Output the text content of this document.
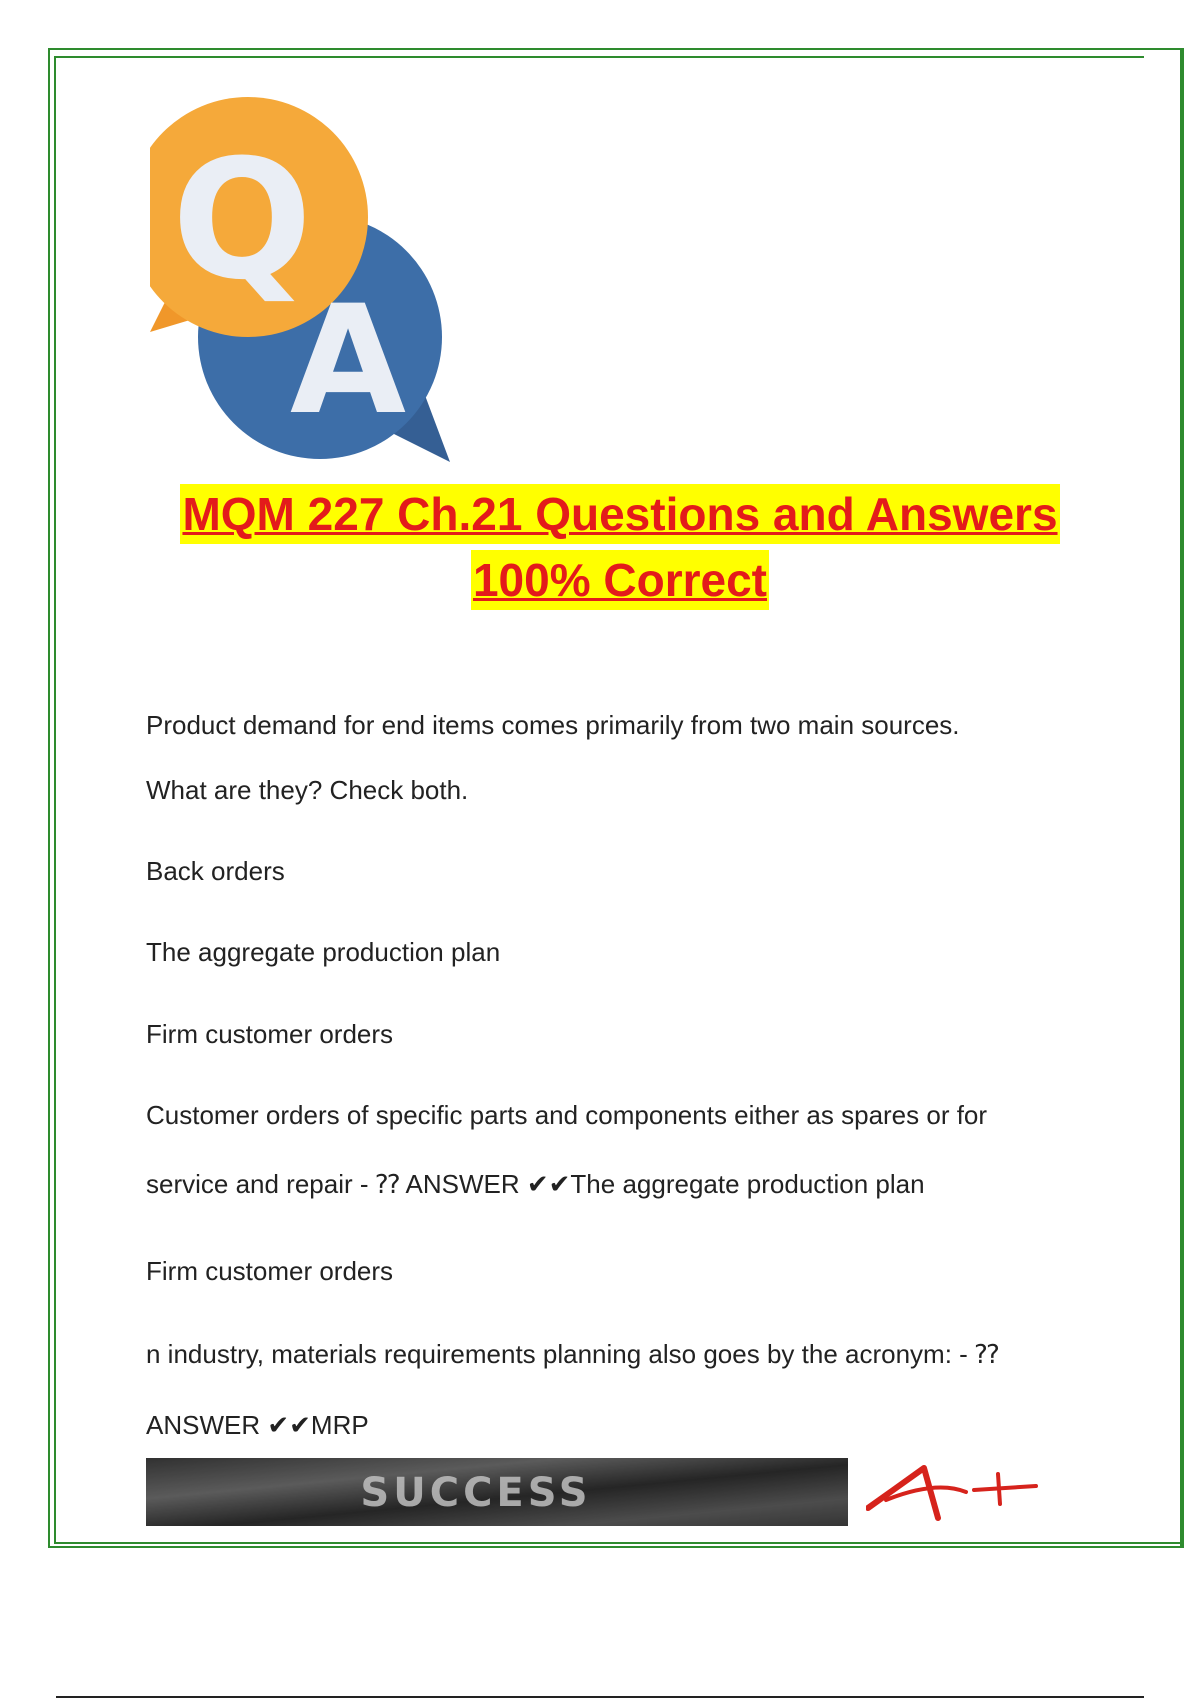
Q
A
MQM 227 Ch.21 Questions and Answers
100% Correct
Product demand for end items comes primarily from two main sources.
What are they? Check both.
Back orders
The aggregate production plan
Firm customer orders
Customer orders of specific parts and components either as spares or for
service and repair - ⁇ ANSWER ✔✔The aggregate production plan
Firm customer orders
n industry, materials requirements planning also goes by the acronym: - ⁇
ANSWER ✔✔MRP
SUCCESS
